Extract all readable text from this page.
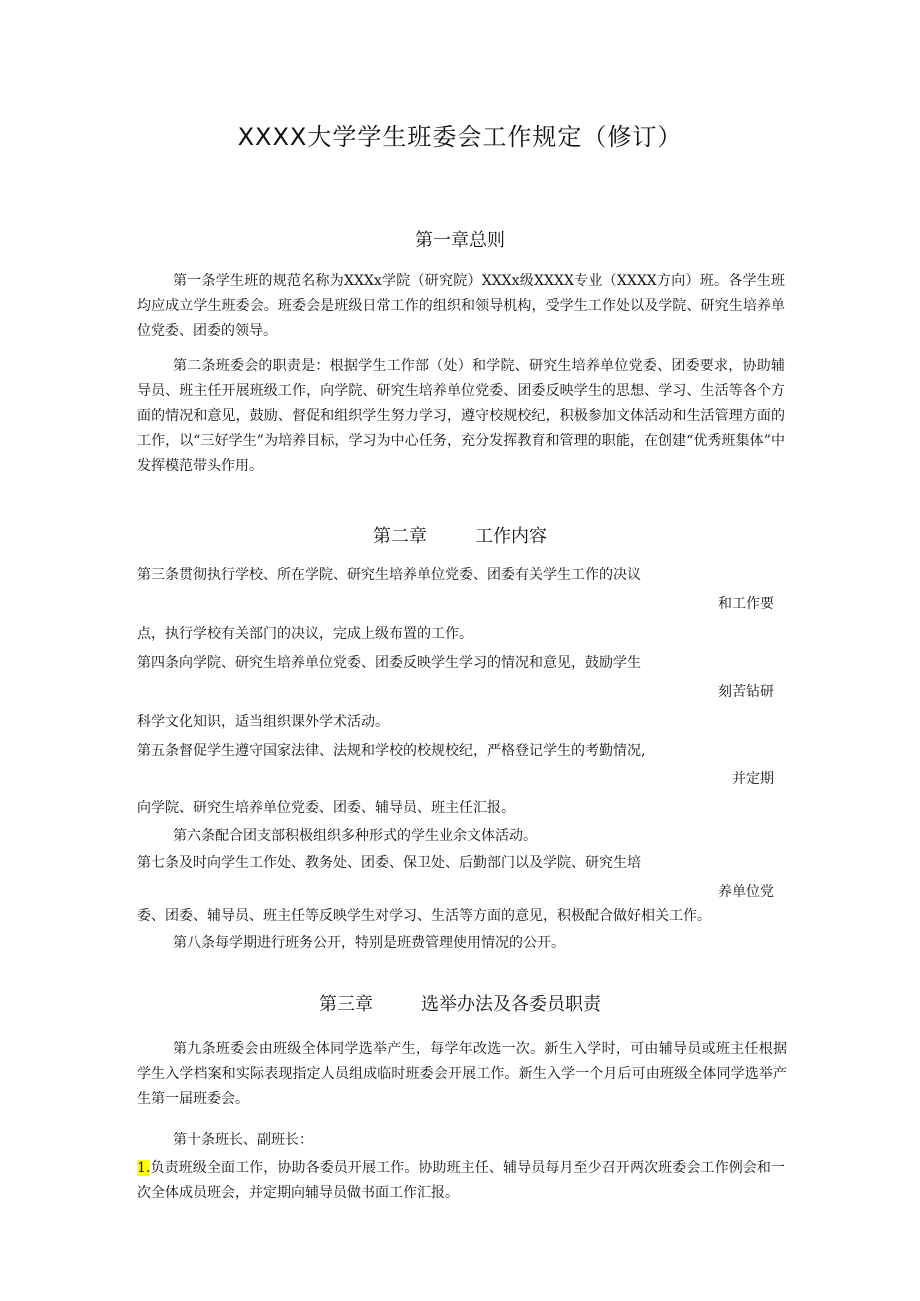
XXXX大学学生班委会工作规定（修订）
第一章总则

第一条学生班的规范名称为XXXx学院（研究院）XXXx级XXXX专业（XXXX方向）班。各学生班均应成立学生班委会。班委会是班级日常工作的组织和领导机构，受学生工作处以及学院、研究生培养单位党委、团委的领导。

第二条班委会的职责是：根据学生工作部（处）和学院、研究生培养单位党委、团委要求，协助辅导员、班主任开展班级工作，向学院、研究生培养单位党委、团委反映学生的思想、学习、生活等各个方面的情况和意见，鼓励、督促和组织学生努力学习，遵守校规校纪，积极参加文体活动和生活管理方面的工作，以“三好学生”为培养目标，学习为中心任务，充分发挥教育和管理的职能，在创建“优秀班集体”中发挥模范带头作用。

第二章	工作内容
第三条贯彻执行学校、所在学院、研究生培养单位党委、团委有关学生工作的决议
和工作要
点，执行学校有关部门的决议，完成上级布置的工作。
第四条向学院、研究生培养单位党委、团委反映学生学习的情况和意见，鼓励学生
刻苦钻研
科学文化知识，适当组织课外学术活动。
第五条督促学生遵守国家法律、法规和学校的校规校纪，严格登记学生的考勤情况,
并定期
向学院、研究生培养单位党委、团委、辅导员、班主任汇报。
第六条配合团支部积极组织多种形式的学生业余文体活动。
第七条及时向学生工作处、教务处、团委、保卫处、后勤部门以及学院、研究生培
养单位党
委、团委、辅导员、班主任等反映学生对学习、生活等方面的意见，积极配合做好相关工作。
第八条每学期进行班务公开，特别是班费管理使用情况的公开。
第三章	选举办法及各委员职责

第九条班委会由班级全体同学选举产生，每学年改选一次。新生入学时，可由辅导员或班主任根据学生入学档案和实际表现指定人员组成临时班委会开展工作。新生入学一个月后可由班级全体同学选举产生第一届班委会。

第十条班长、副班长：

1.负责班级全面工作，协助各委员开展工作。协助班主任、辅导员每月至少召开两次班委会工作例会和一次全体成员班会，并定期向辅导员做书面工作汇报。
